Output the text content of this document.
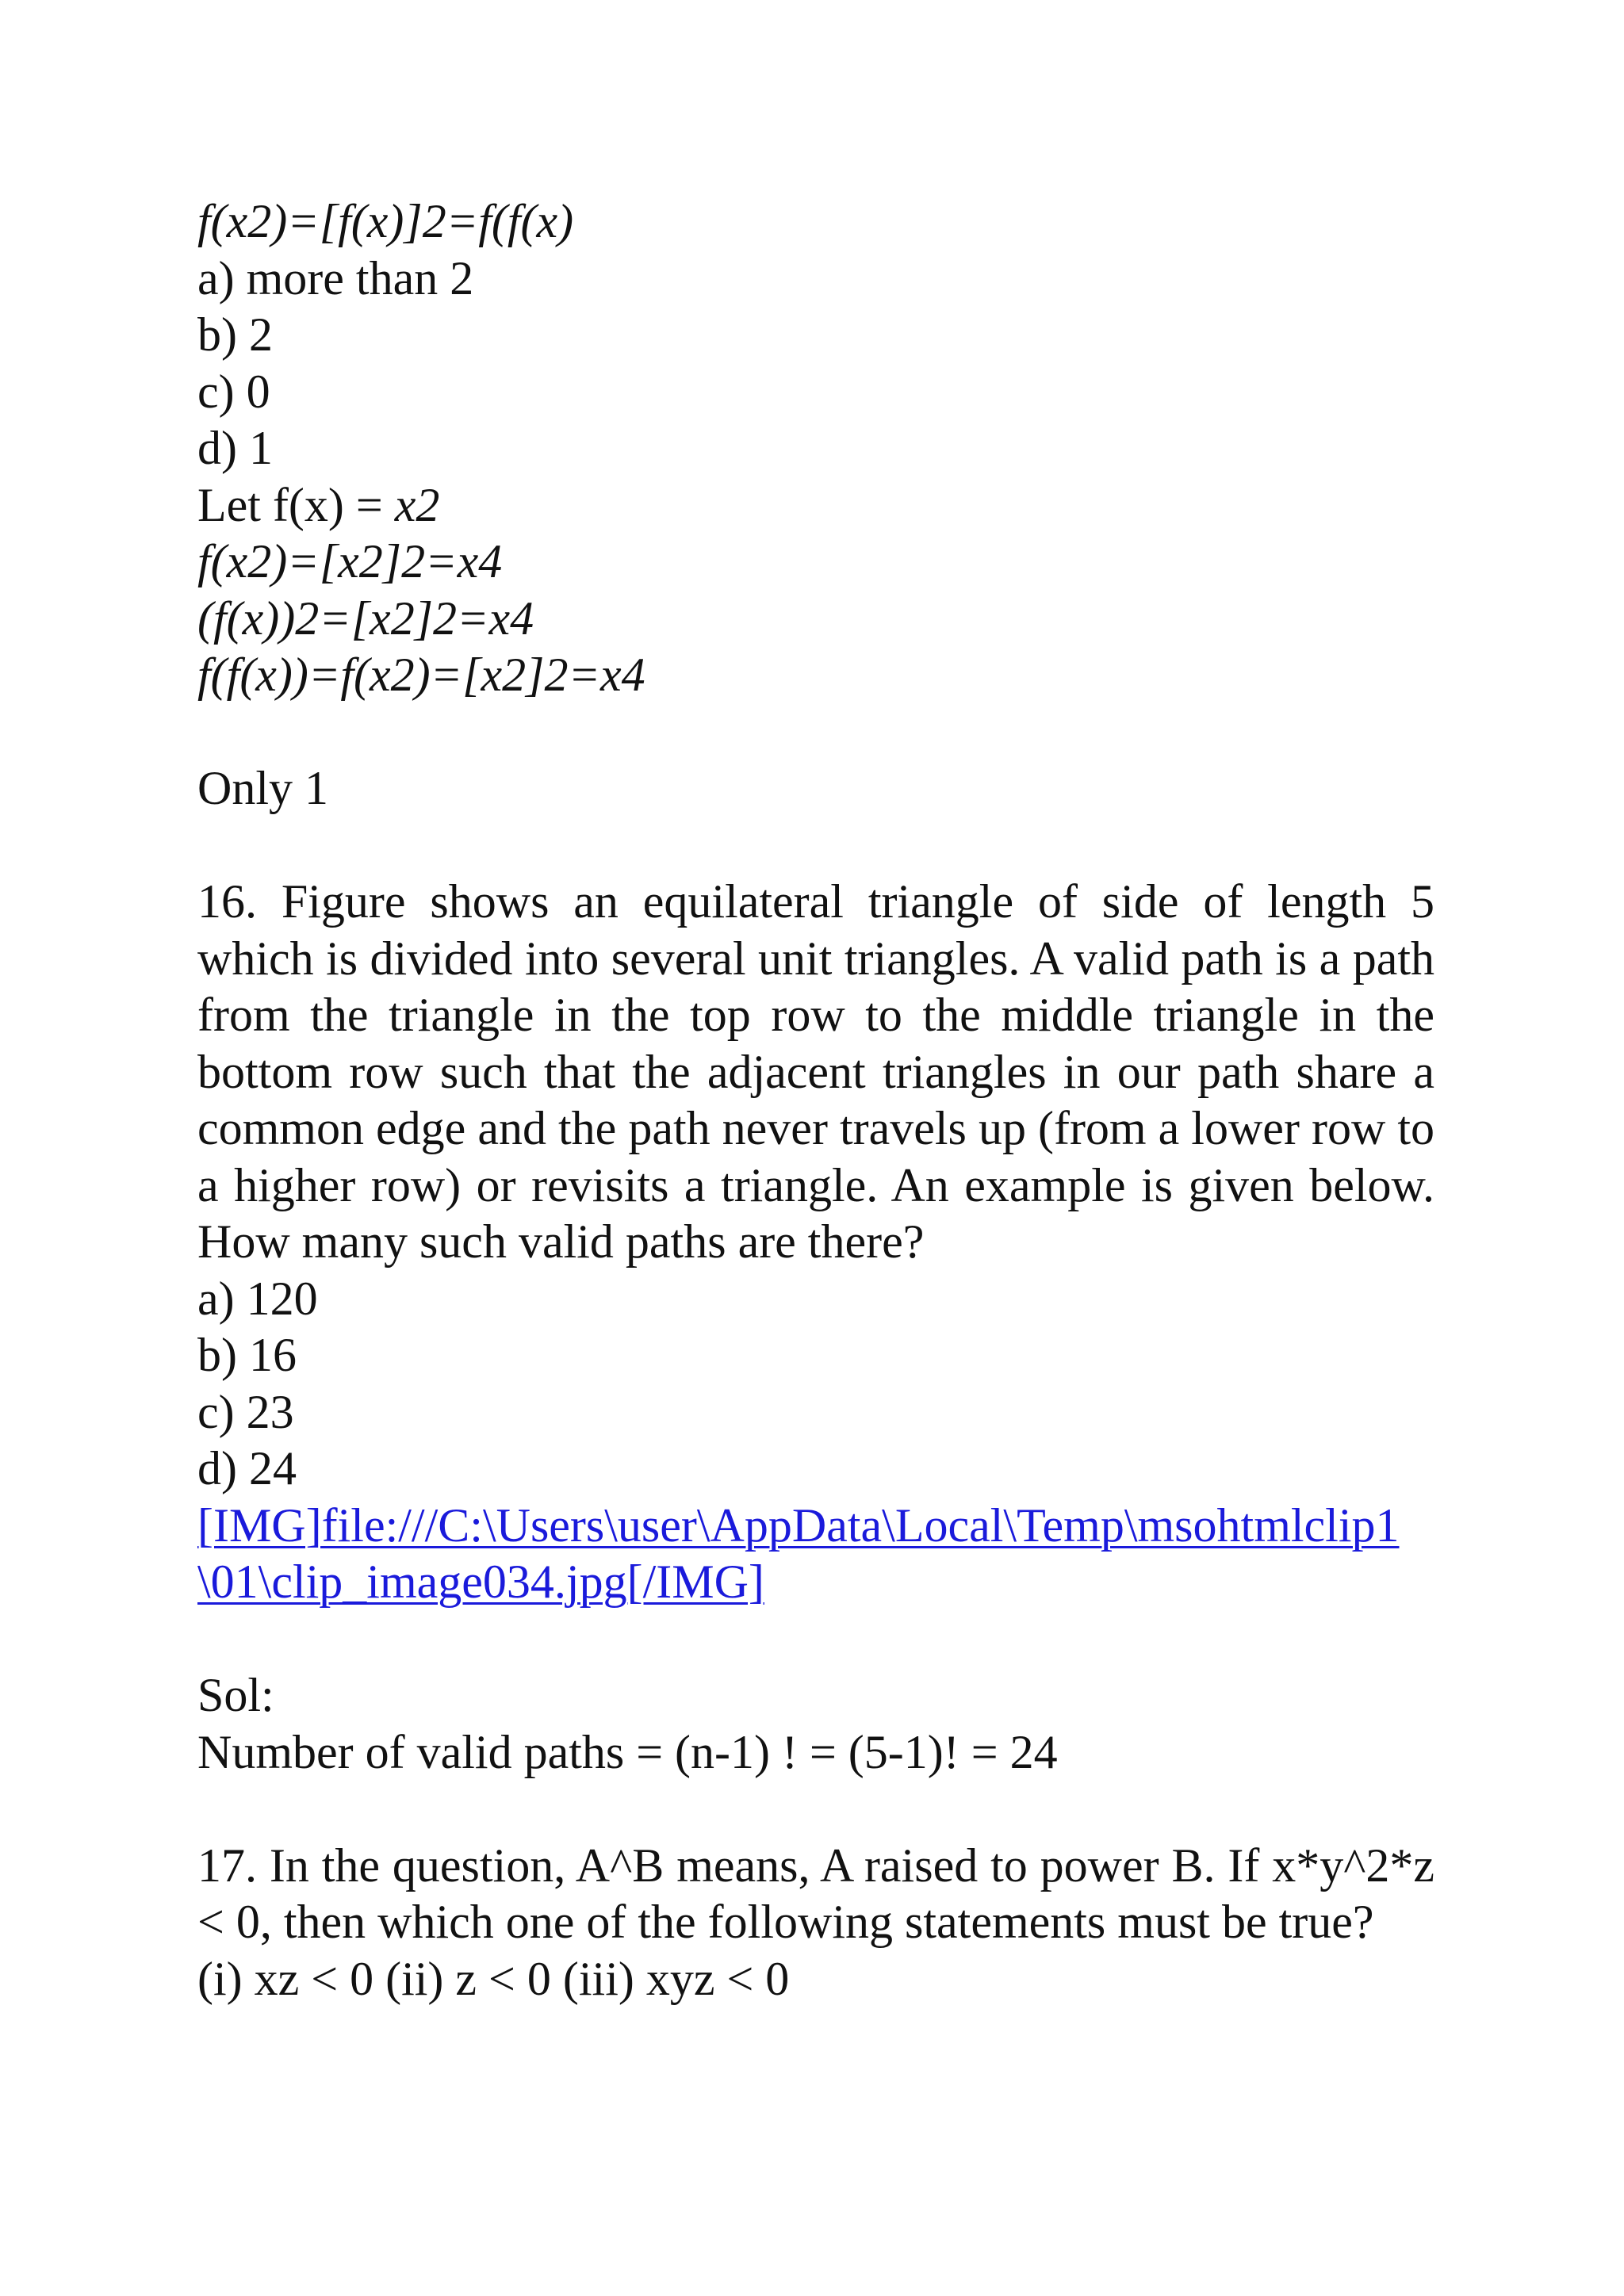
f(x2)=[f(x)]2=f(f(x)
a) more than 2
b) 2
c) 0
d) 1
Let f(x) = x2
f(x2)=[x2]2=x4
(f(x))2=[x2]2=x4
f(f(x))=f(x2)=[x2]2=x4
Only 1

16. Figure shows an equilateral triangle of side of length 5 which is divided into several unit triangles. A valid path is a path from the triangle in the top row to the middle triangle in the bottom row such that the adjacent triangles in our path share a common edge and the path never travels up (from a lower row to a higher row) or revisits a triangle. An example is given below. How many such valid paths are there?

a) 120
b) 16
c) 23
d) 24
[IMG]file:///C:\Users\user\AppData\Local\Temp\msohtmlclip1\01\clip_image034.jpg[/IMG]
Sol:
Number of valid paths = (n-1) ! = (5-1)! = 24

17. In the question, A^B means, A raised to power B. If x*y^2*z < 0, then which one of the following statements must be true?

(i) xz < 0 (ii) z < 0 (iii) xyz < 0
